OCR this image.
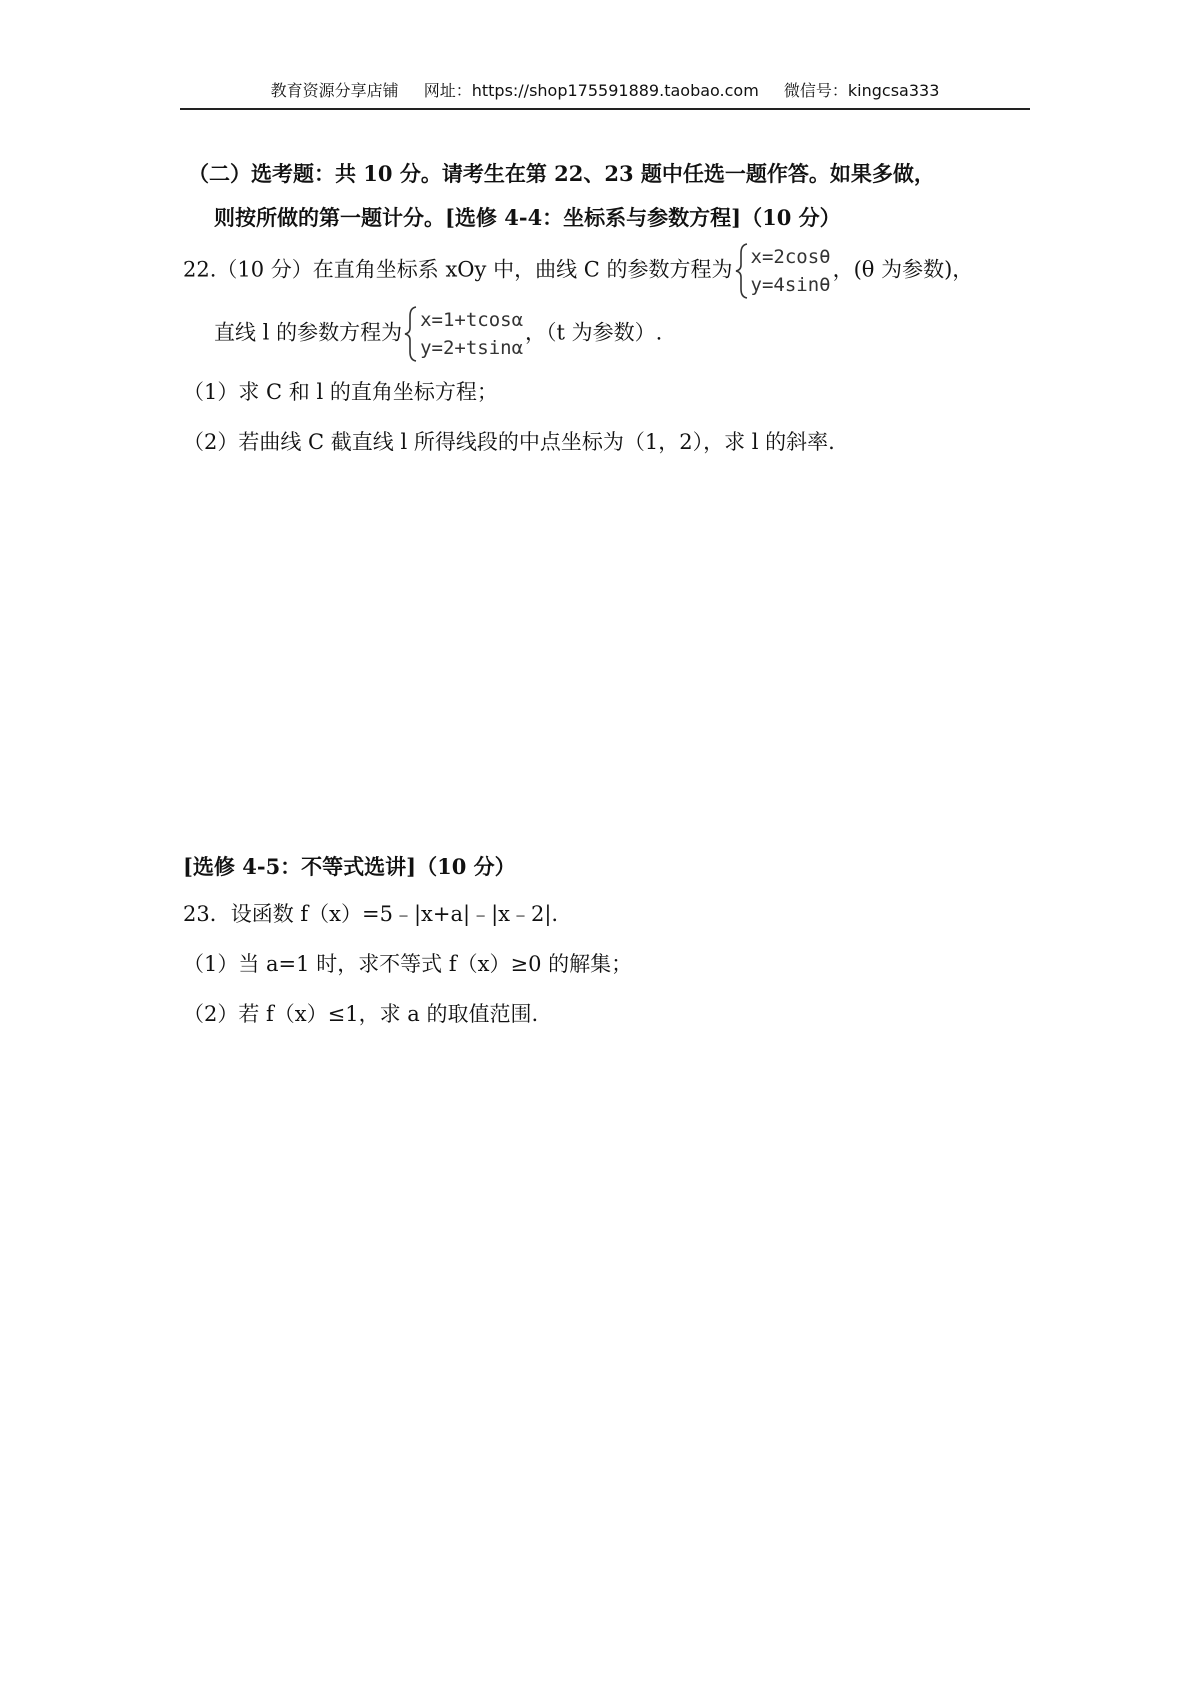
教育资源分享店铺 网址：https://shop175591889.taobao.com 微信号：kingcsa333
（二）选考题：共 10 分。请考生在第 22、23 题中任选一题作答。如果多做，
则按所做的第一题计分。[选修 4-4：坐标系与参数方程]（10 分）
22.（10 分）在直角坐标系 xOy 中，曲线 C 的参数方程为
x=2cosθ
y=4sinθ
，(θ 为参数)，
直线 l 的参数方程为
x=1+tcosα
y=2+tsinα
，（t 为参数）.
（1）求 C 和 l 的直角坐标方程；
（2）若曲线 C 截直线 l 所得线段的中点坐标为（1，2），求 l 的斜率.
[选修 4-5：不等式选讲]（10 分）
23．设函数 f（x）=5﹣|x+a|﹣|x﹣2|.
（1）当 a=1 时，求不等式 f（x）≥0 的解集；
（2）若 f（x）≤1，求 a 的取值范围.
